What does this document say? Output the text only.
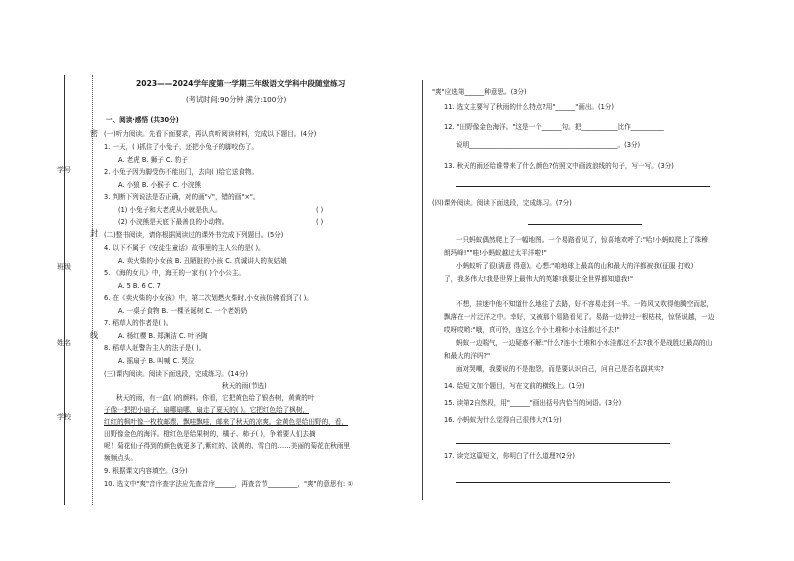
学号
班级
姓名
学校
密
封
线
2023——2024学年度第一学期三年级语文学科中段随堂练习
(考试时间:90分钟 满分:100分)
一、阅读·感悟 (共30分)
(一)听力阅读。先看下面要求，再认真听阅读材料，完成以下题目。(4分)
1. 一天，( )抓住了小兔子，还把小兔子的脚咬伤了。
A. 老虎 B. 狮子 C. 豹子
2. 小兔子因为脚受伤不能出门，去向( )给它送食物。
A. 小狼 B. 小猴子 C. 小浣熊
3. 判断下列说法是否正确，对的画"√"，错的画"×"。
(1) 小兔子和大老虎从小就是仇人。	( )
(2) 小浣熊是天底下最善良的小动物。	( )
(二)整书阅读，请你根据阅读过的课外书完成下列题目。(5分)
4. 以下不属于《安徒生童话》故事里的主人公的是( )。
A. 卖火柴的小女孩 B. 丑陋脏的小孩 C. 真诚讲人的灰姑娘
5. 《海的女儿》中，海王的一家有( )个小公主。
A. 5 B. 6 C. 7
6. 在《卖火柴的小女孩》中，第二次划燃火柴时,小女孩仿佛看到了( )。
A. 一桌子食物 B. 一棵圣诞树 C. 一个老奶奶
7. 稻草人的作者是( )。
A. 杨红樱 B. 郑渊洁 C. 叶圣陶
8. 稻草人赶警告主人的法子是( )。
A. 摇扇子 B. 叫喊 C. 哭泣
(三)课内阅读。阅读下面选段，完成练习。(14分)
秋天的雨(节选)
秋天的雨，有一盒( )的颜料。你看，它把黄色给了银杏树，黄黄的叶
子像一把把小扇子，扇哪扇哪，扇走了夏天的( )。它把红色给了枫树，
红红的枫叶像一枚枚邮票，飘哇飘哇，邮来了秋天的凉爽。金黄色是给田野的，看，
田野像金色的海洋。橙红色是给果树的，橘子、柿子( )，争着要人们去摘
呢！菊花仙子得到的颜色就更多了,紫红的、淡黄的、雪白的……美丽的菊花在秋雨里
频频点头。
9. 根据课文内容填空。(3分)
10. 选文中"爽"音序查字法应先查音序______，再查音节_________，"爽"的意思有: ①
"爽"应选第______种意思。(3分)
11. 选文主要写了秋雨的什么特点?用"______"画出。(1分)
12. "田野像金色海洋。"这是一个______句。把___________比作__________
说明_____________________________________________。(3分)
13. 秋天的雨还给谁带来了什么颜色?仿照文中画波浪线的句子，写一写。(3分)
(四)课外阅读。阅读下面选段，完成练习。(7分)
一只蚂蚁偶然爬上了一幅地图。一个易路看见了，惊喜地欢呼了:"哈!小蚂蚁爬上了珠穆
朗玛峰!""哇!小蚂蚁越过太平洋啦!"
小蚂蚁听了很(满意 得意)。心想:"咱地球上最高的山和最大的洋都被我(征服 打败)
了，我多伟大!我是世界上最伟大的英雄!我要让全世界都知道我!"
不想，挂迷中他不知道什么地往了去路，好不容易走到一半。一阵风又吹得他腾空而起，
飘落在一片泛洋之中。幸好，又被那个易路看见了。易路一边伸过一根枯枝，惊怪说越，一边
哎呀哎哟:"哦，真可怜，连这么个小土堆和小水洼都过不去!"
蚂蚁一边喘气，一边疑惑不解:"什么?连小土堆和小水洼都过不去?我不是战胜过最高的山
和最大的洋吗?"
面对哭嘲，我要说的不是抱怨，而是要认识自己，问自己是否名副其实?
14. 给短文加个题目，写在文前的横线上。(1分)
15. 读第2自然段，用"______"画出括号内恰当的词语。(3分)
16. 小蚂蚁为什么觉得自己很伟大?(1分)
17. 读完这篇短文，你明白了什么道理?(2分)
